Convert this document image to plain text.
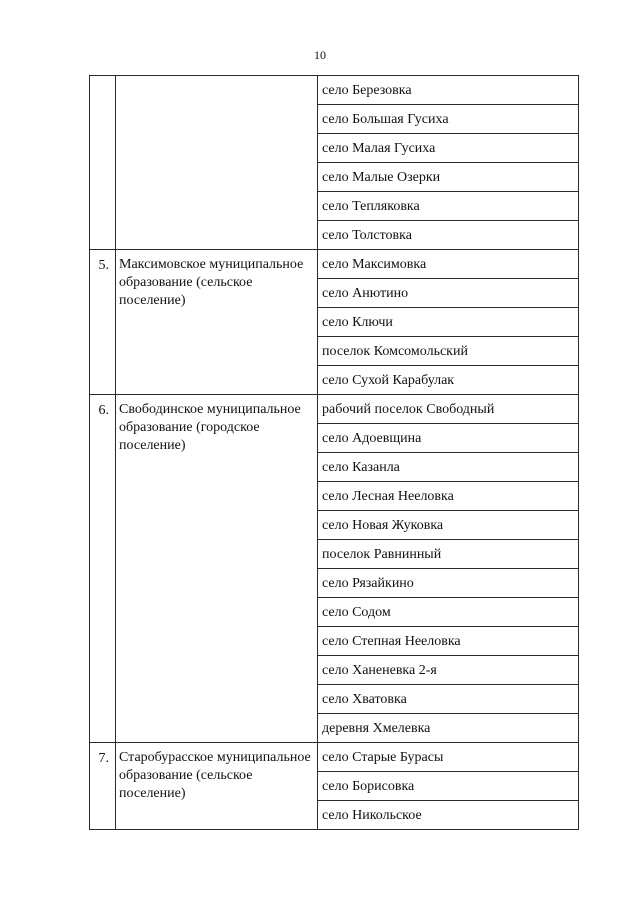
10

		село Березовка

		село Большая Гусиха

		село Малая Гусиха

		село Малые Озерки

		село Тепляковка

		село Толстовка

5.	Максимовское муниципальное образование (сельское поселение)	село Максимовка

		село Анютино

		село Ключи

		поселок Комсомольский

		село Сухой Карабулак

6.	Свободинское муниципальное образование (городское поселение)	рабочий поселок Свободный

		село Адоевщина

		село Казанла

		село Лесная Нееловка

		село Новая Жуковка

		поселок Равнинный

		село Рязайкино

		село Содом

		село Степная Неeловка

		село Ханеневка 2-я

		село Хватовка

		деревня Хмелевка

7.	Старобурасское муниципальное образование (сельское поселение)	село Старые Бурасы

		село Борисовка

		село Никольское
